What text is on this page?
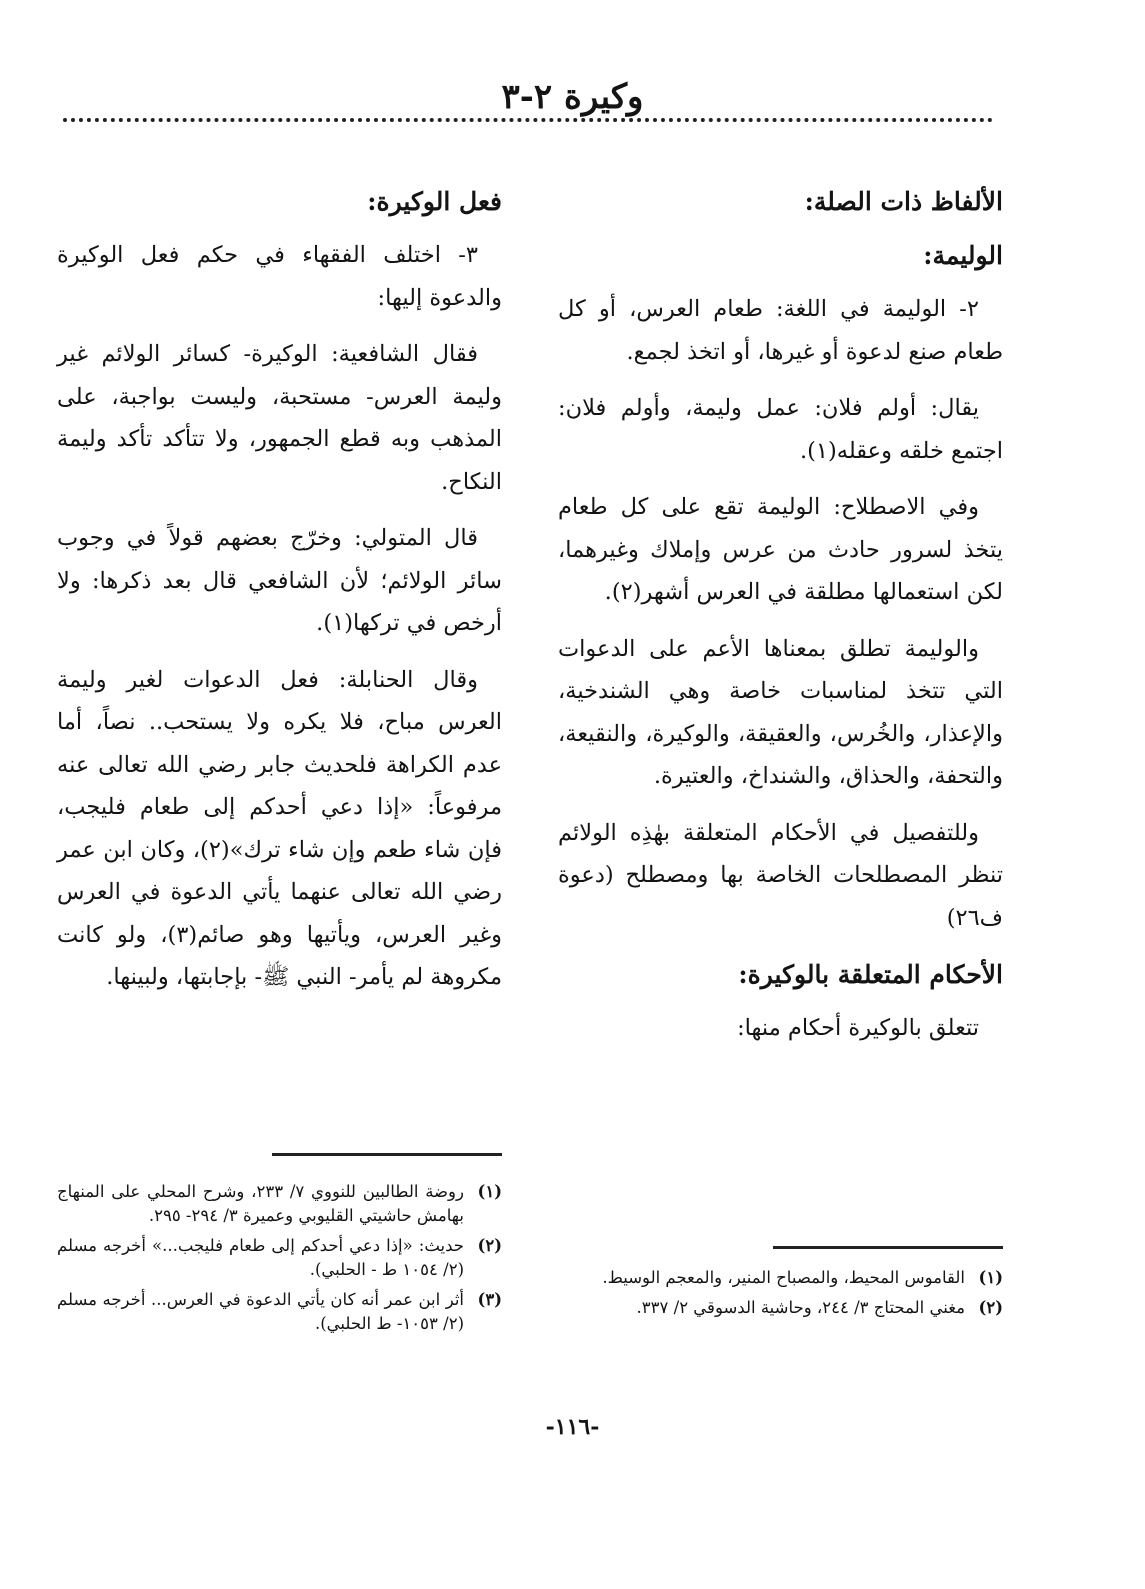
وكيرة ٢-٣
الألفاظ ذات الصلة:
الوليمة:

٢- الوليمة في اللغة: طعام العرس، أو كل طعام صنع لدعوة أو غيرها، أو اتخذ لجمع.

يقال: أولم فلان: عمل وليمة، وأولم فلان: اجتمع خلقه وعقله(١).

وفي الاصطلاح: الوليمة تقع على كل طعام يتخذ لسرور حادث من عرس وإملاك وغيرهما، لكن استعمالها مطلقة في العرس أشهر(٢).

والوليمة تطلق بمعناها الأعم على الدعوات التي تتخذ لمناسبات خاصة وهي الشندخية، والإعذار، والخُرس، والعقيقة، والوكيرة، والنقيعة، والتحفة، والحذاق، والشنداخ، والعتيرة.

وللتفصيل في الأحكام المتعلقة بهٰذِه الولائم تنظر المصطلحات الخاصة بها ومصطلح (دعوة ف٢٦)

الأحكام المتعلقة بالوكيرة:

تتعلق بالوكيرة أحكام منها:

فعل الوكيرة:

٣- اختلف الفقهاء في حكم فعل الوكيرة والدعوة إليها:

فقال الشافعية: الوكيرة- كسائر الولائم غير وليمة العرس- مستحبة، وليست بواجبة، على المذهب وبه قطع الجمهور، ولا تتأكد تأكد وليمة النكاح.

قال المتولي: وخرّج بعضهم قولاً في وجوب سائر الولائم؛ لأن الشافعي قال بعد ذكرها: ولا أرخص في تركها(١).

وقال الحنابلة: فعل الدعوات لغير وليمة العرس مباح، فلا يكره ولا يستحب.. نصاً، أما عدم الكراهة فلحديث جابر رضي الله تعالى عنه مرفوعاً: «إذا دعي أحدكم إلى طعام فليجب، فإن شاء طعم وإن شاء ترك»(٢)، وكان ابن عمر رضي الله تعالى عنهما يأتي الدعوة في العرس وغير العرس، ويأتيها وهو صائم(٣)، ولو كانت مكروهة لم يأمر- النبي ﷺ- بإجابتها، ولبينها.

(١)
روضة الطالبين للنووي ٧/ ٢٣٣، وشرح المحلي على المنهاج بهامش حاشيتي القليوبي وعميرة ٣/ ٢٩٤- ٢٩٥.
(٢)
حديث: «إذا دعي أحدكم إلى طعام فليجب...» أخرجه مسلم (٢/ ١٠٥٤ ط - الحلبي).
(٣)
أثر ابن عمر أنه كان يأتي الدعوة في العرس... أخرجه مسلم (٢/ ١٠٥٣- ط الحلبي).
(١)
القاموس المحيط، والمصباح المنير، والمعجم الوسيط.
(٢)
مغني المحتاج ٣/ ٢٤٤، وحاشية الدسوقي ٢/ ٣٣٧.
-١١٦-
